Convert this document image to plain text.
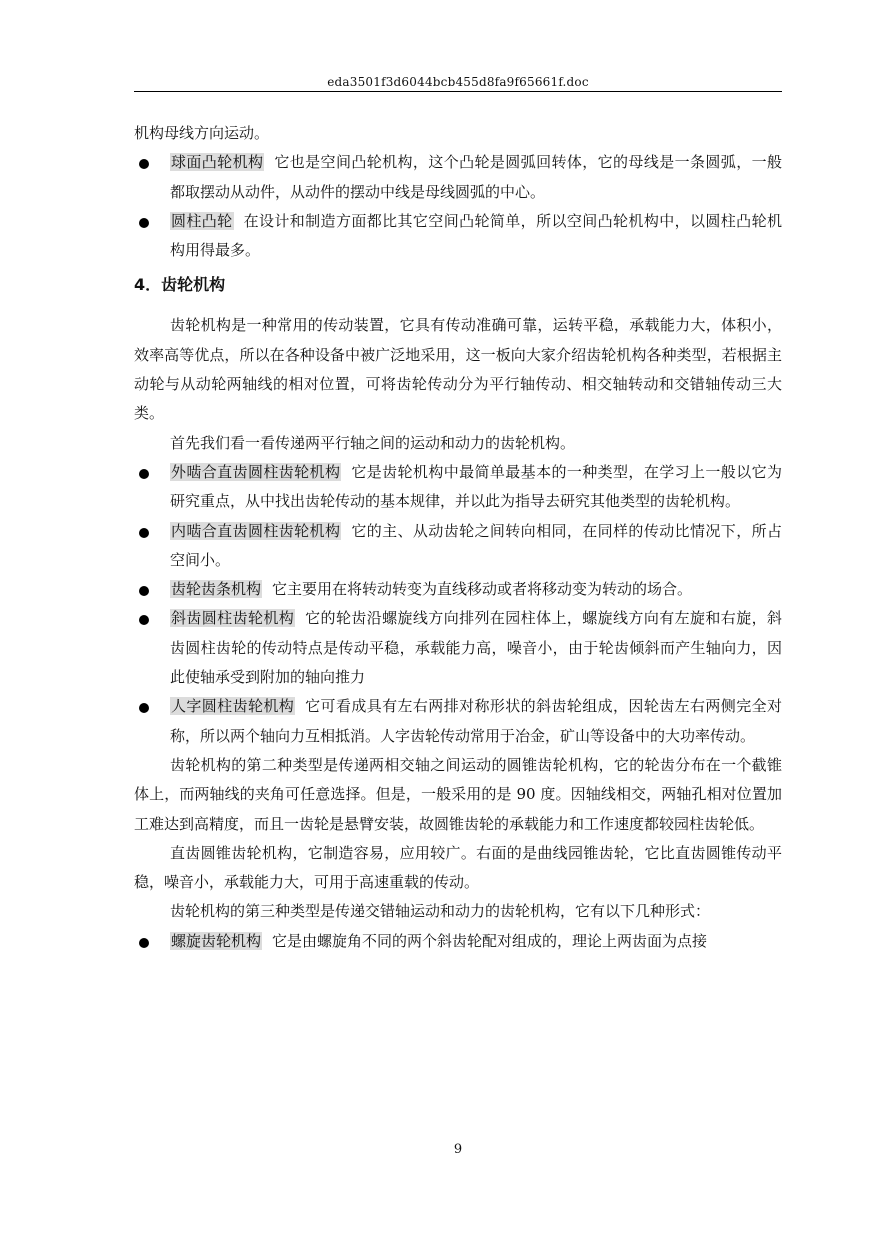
eda3501f3d6044bcb455d8fa9f65661f.doc

机构母线方向运动。

球面凸轮机构 它也是空间凸轮机构，这个凸轮是圆弧回转体，它的母线是一条圆弧，一般都取摆动从动件，从动件的摆动中线是母线圆弧的中心。

圆柱凸轮 在设计和制造方面都比其它空间凸轮简单，所以空间凸轮机构中，以圆柱凸轮机构用得最多。

4．齿轮机构

齿轮机构是一种常用的传动装置，它具有传动准确可靠，运转平稳，承载能力大，体积小，效率高等优点，所以在各种设备中被广泛地采用，这一板向大家介绍齿轮机构各种类型，若根据主动轮与从动轮两轴线的相对位置，可将齿轮传动分为平行轴传动、相交轴转动和交错轴传动三大类。

首先我们看一看传递两平行轴之间的运动和动力的齿轮机构。

外啮合直齿圆柱齿轮机构 它是齿轮机构中最简单最基本的一种类型，在学习上一般以它为研究重点，从中找出齿轮传动的基本规律，并以此为指导去研究其他类型的齿轮机构。

内啮合直齿圆柱齿轮机构 它的主、从动齿轮之间转向相同，在同样的传动比情况下，所占空间小。

齿轮齿条机构 它主要用在将转动转变为直线移动或者将移动变为转动的场合。

斜齿圆柱齿轮机构 它的轮齿沿螺旋线方向排列在园柱体上，螺旋线方向有左旋和右旋，斜齿圆柱齿轮的传动特点是传动平稳，承载能力高，噪音小，由于轮齿倾斜而产生轴向力，因此使轴承受到附加的轴向推力

人字圆柱齿轮机构 它可看成具有左右两排对称形状的斜齿轮组成，因轮齿左右两侧完全对称，所以两个轴向力互相抵消。人字齿轮传动常用于冶金，矿山等设备中的大功率传动。

齿轮机构的第二种类型是传递两相交轴之间运动的圆锥齿轮机构，它的轮齿分布在一个截锥体上，而两轴线的夹角可任意选择。但是，一般采用的是 90 度。因轴线相交，两轴孔相对位置加工难达到高精度，而且一齿轮是悬臂安装，故圆锥齿轮的承载能力和工作速度都较园柱齿轮低。

直齿圆锥齿轮机构，它制造容易，应用较广。右面的是曲线园锥齿轮，它比直齿圆锥传动平稳，噪音小，承载能力大，可用于高速重载的传动。

齿轮机构的第三种类型是传递交错轴运动和动力的齿轮机构，它有以下几种形式：

螺旋齿轮机构 它是由螺旋角不同的两个斜齿轮配对组成的，理论上两齿面为点接

9
